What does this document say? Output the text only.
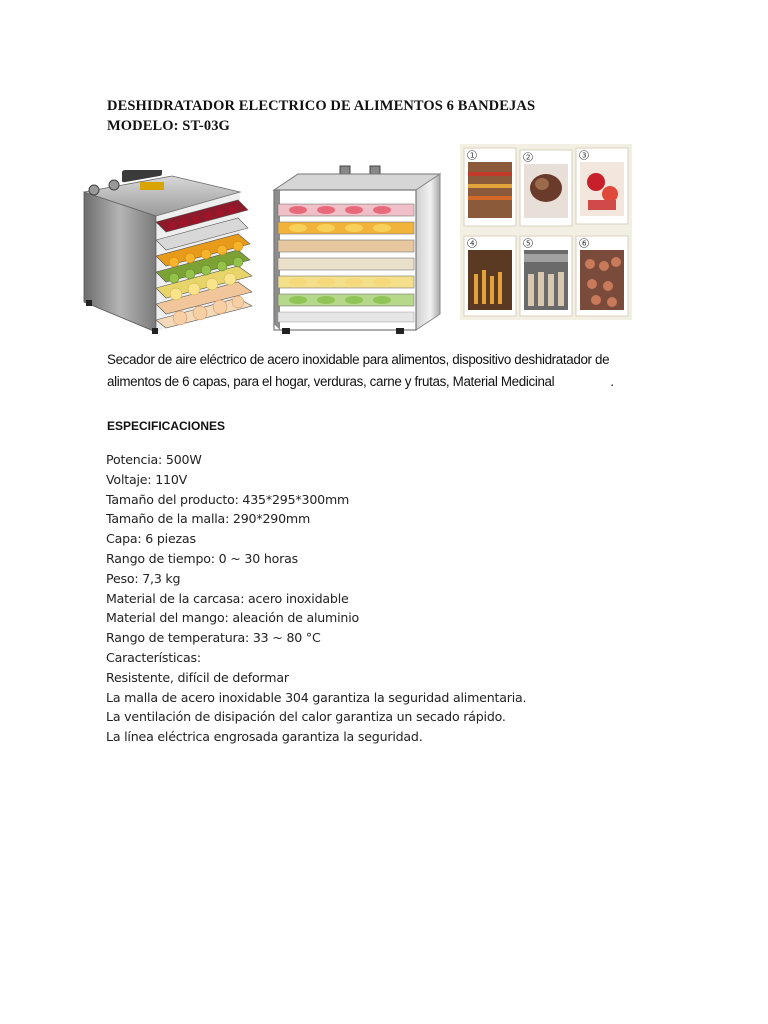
DESHIDRATADOR ELECTRICO DE ALIMENTOS 6 BANDEJAS
MODELO: ST-03G
1	2	3
4	5	6

Secador de aire eléctrico de acero inoxidable para alimentos, dispositivo deshidratador de
alimentos de 6 capas, para el hogar, verduras, carne y frutas, Material Medicinal	.

ESPECIFICACIONES

Potencia: 500W
Voltaje: 110V
Tamaño del producto: 435*295*300mm
Tamaño de la malla: 290*290mm
Capa: 6 piezas
Rango de tiempo: 0 ~ 30 horas
Peso: 7,3 kg
Material de la carcasa: acero inoxidable
Material del mango: aleación de aluminio
Rango de temperatura: 33 ~ 80 °C
Características:
Resistente, difícil de deformar
La malla de acero inoxidable 304 garantiza la seguridad alimentaria.
La ventilación de disipación del calor garantiza un secado rápido.
La línea eléctrica engrosada garantiza la seguridad.
